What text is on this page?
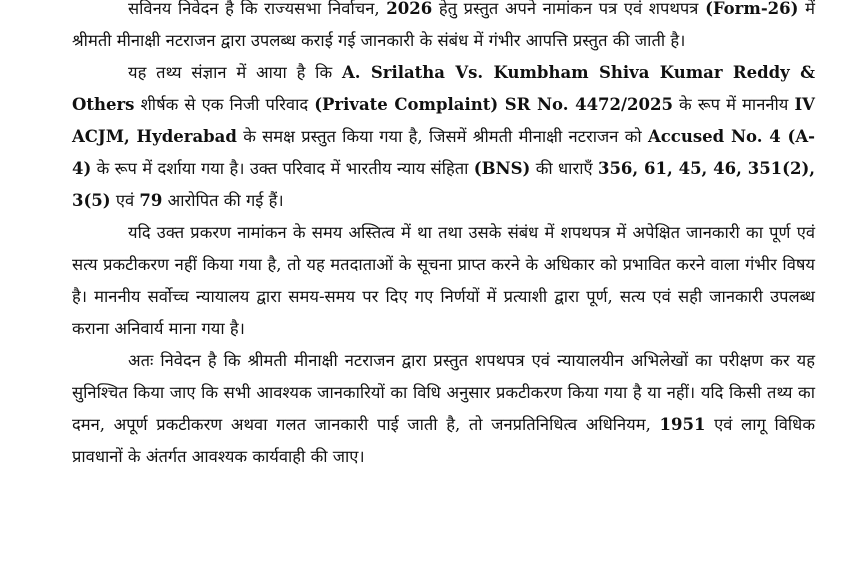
सविनय निवेदन है कि राज्यसभा निर्वाचन, 2026 हेतु प्रस्तुत अपने नामांकन पत्र एवं शपथपत्र (Form-26) में श्रीमती मीनाक्षी नटराजन द्वारा उपलब्ध कराई गई जानकारी के संबंध में गंभीर आपत्ति प्रस्तुत की जाती है।

यह तथ्य संज्ञान में आया है कि A. Srilatha Vs. Kumbham Shiva Kumar Reddy & Others शीर्षक से एक निजी परिवाद (Private Complaint) SR No. 4472/2025 के रूप में माननीय IV ACJM, Hyderabad के समक्ष प्रस्तुत किया गया है, जिसमें श्रीमती मीनाक्षी नटराजन को Accused No. 4 (A-4) के रूप में दर्शाया गया है। उक्त परिवाद में भारतीय न्याय संहिता (BNS) की धाराएँ 356, 61, 45, 46, 351(2), 3(5) एवं 79 आरोपित की गई हैं।

यदि उक्त प्रकरण नामांकन के समय अस्तित्व में था तथा उसके संबंध में शपथपत्र में अपेक्षित जानकारी का पूर्ण एवं सत्य प्रकटीकरण नहीं किया गया है, तो यह मतदाताओं के सूचना प्राप्त करने के अधिकार को प्रभावित करने वाला गंभीर विषय है। माननीय सर्वोच्च न्यायालय द्वारा समय-समय पर दिए गए निर्णयों में प्रत्याशी द्वारा पूर्ण, सत्य एवं सही जानकारी उपलब्ध कराना अनिवार्य माना गया है।

अतः निवेदन है कि श्रीमती मीनाक्षी नटराजन द्वारा प्रस्तुत शपथपत्र एवं न्यायालयीन अभिलेखों का परीक्षण कर यह सुनिश्चित किया जाए कि सभी आवश्यक जानकारियों का विधि अनुसार प्रकटीकरण किया गया है या नहीं। यदि किसी तथ्य का दमन, अपूर्ण प्रकटीकरण अथवा गलत जानकारी पाई जाती है, तो जनप्रतिनिधित्व अधिनियम, 1951 एवं लागू विधिक प्रावधानों के अंतर्गत आवश्यक कार्यवाही की जाए।
